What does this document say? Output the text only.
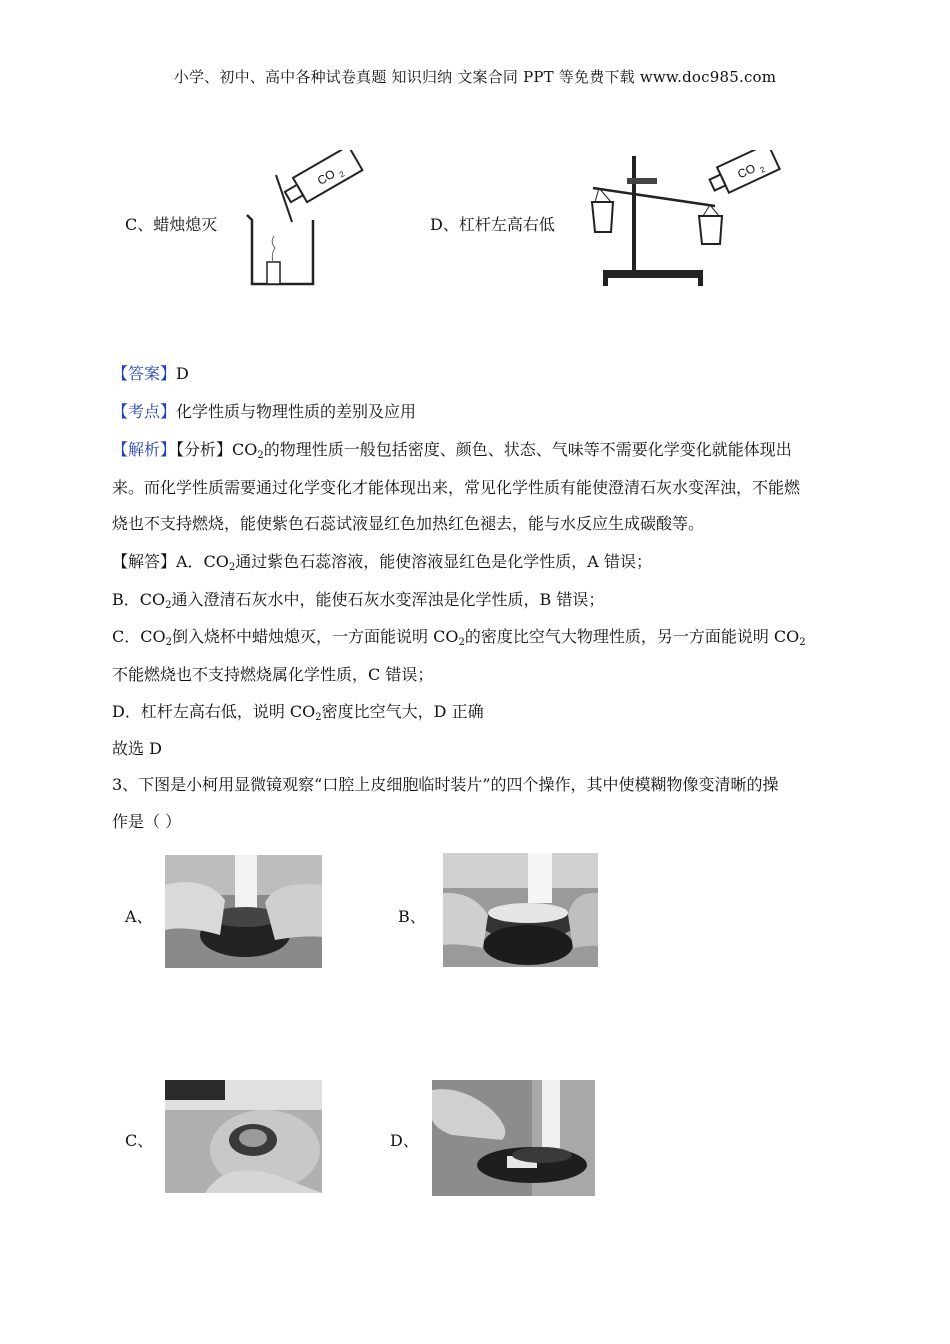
小学、初中、高中各种试卷真题 知识归纳 文案合同 PPT 等免费下载 www.doc985.com
C、蜡烛熄灭	D、杠杆左高右低
CO 2	CO 2
【答案】D
【考点】化学性质与物理性质的差别及应用
【解析】【分析】$CO_2$的物理性质一般包括密度、颜色、状态、气味等不需要化学变化就能体现出
来。而化学性质需要通过化学变化才能体现出来，常见化学性质有能使澄清石灰水变浑浊，不能燃
烧也不支持燃烧，能使紫色石蕊试液显红色加热红色褪去，能与水反应生成碳酸等。
【解答】A．$CO_2$通过紫色石蕊溶液，能使溶液显红色是化学性质，A 错误；
B．$CO_2$通入澄清石灰水中，能使石灰水变浑浊是化学性质，B 错误；
C．$CO_2$倒入烧杯中蜡烛熄灭，一方面能说明 $CO_2$的密度比空气大物理性质，另一方面能说明 $CO_2$
不能燃烧也不支持燃烧属化学性质，C 错误；
D．杠杆左高右低，说明 $CO_2$密度比空气大，D 正确
故选 D
3、下图是小柯用显微镜观察“口腔上皮细胞临时装片”的四个操作，其中使模糊物像变清晰的操
作是（ ）
A、	B、
C、	D、
